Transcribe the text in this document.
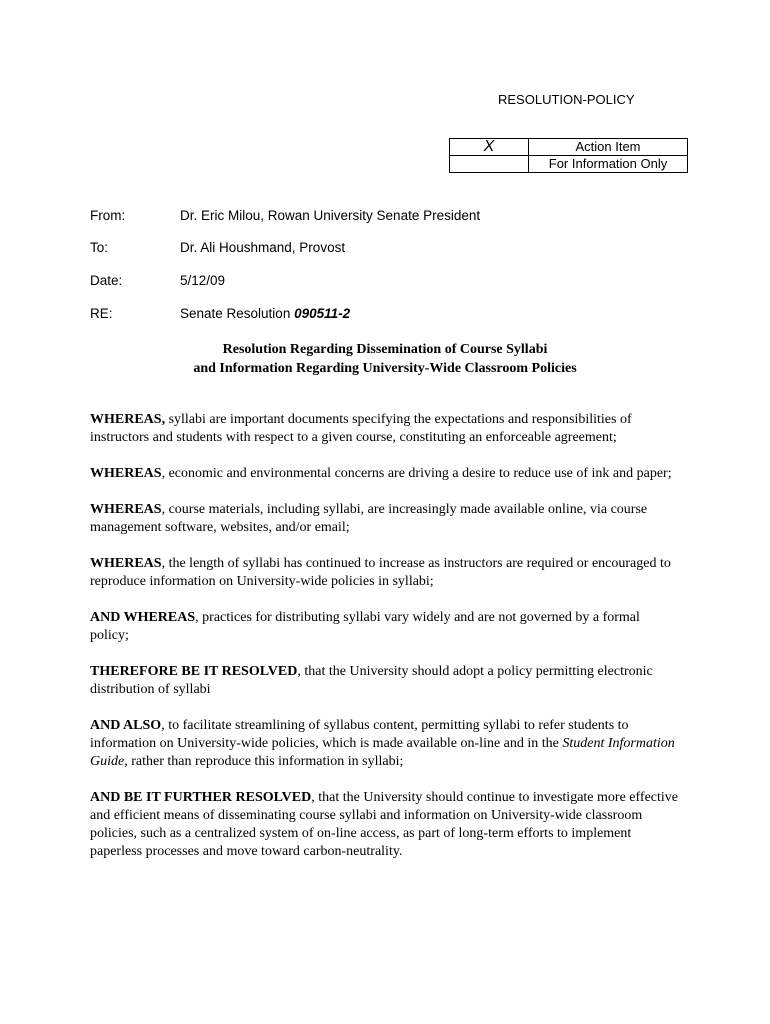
RESOLUTION-POLICY
X	Action Item
	For Information Only
From:	Dr. Eric Milou, Rowan University Senate President
To:	Dr. Ali Houshmand, Provost
Date:	5/12/09
RE:	Senate Resolution 090511-2
Resolution Regarding Dissemination of Course Syllabi
and Information Regarding University-Wide Classroom Policies

WHEREAS, syllabi are important documents specifying the expectations and responsibilities of instructors and students with respect to a given course, constituting an enforceable agreement;

WHEREAS, economic and environmental concerns are driving a desire to reduce use of ink and paper;

WHEREAS, course materials, including syllabi, are increasingly made available online, via course management software, websites, and/or email;

WHEREAS, the length of syllabi has continued to increase as instructors are required or encouraged to reproduce information on University-wide policies in syllabi;

AND WHEREAS, practices for distributing syllabi vary widely and are not governed by a formal policy;

THEREFORE BE IT RESOLVED, that the University should adopt a policy permitting electronic distribution of syllabi

AND ALSO, to facilitate streamlining of syllabus content, permitting syllabi to refer students to information on University-wide policies, which is made available on-line and in the Student Information Guide, rather than reproduce this information in syllabi;

AND BE IT FURTHER RESOLVED, that the University should continue to investigate more effective and efficient means of disseminating course syllabi and information on University-wide classroom policies, such as a centralized system of on-line access, as part of long-term efforts to implement paperless processes and move toward carbon-neutrality.
